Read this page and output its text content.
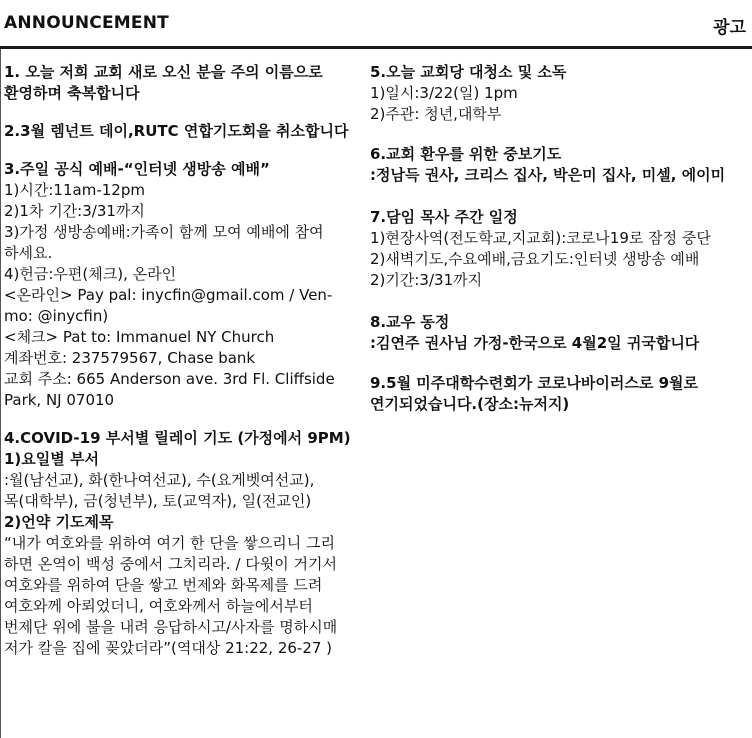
ANNOUNCEMENT	광고
1. 오늘 저희 교회 새로 오신 분을 주의 이름으로
환영하며 축복합니다
2.3월 렘넌트 데이,RUTC 연합기도회을 취소합니다
3.주일 공식 예배-“인터넷 생방송 예배”
1)시간:11am-12pm
2)1차 기간:3/31까지
3)가정 생방송예배:가족이 함께 모여 예배에 참여
하세요.
4)헌금:우편(체크), 온라인
<온라인> Pay pal: inycfin@gmail.com / Ven-
mo: @inycfin)
<체크> Pat to: Immanuel NY Church
계좌번호: 237579567, Chase bank
교회 주소: 665 Anderson ave. 3rd Fl. Cliffside
Park, NJ 07010
4.COVID-19 부서별 릴레이 기도 (가정에서 9PM)
1)요일별 부서
:월(남선교), 화(한나여선교), 수(요게벳여선교),
목(대학부), 금(청년부), 토(교역자), 일(전교인)
2)언약 기도제목
“내가 여호와를 위하여 여기 한 단을 쌓으리니 그리
하면 온역이 백성 중에서 그치리라. / 다윗이 거기서
여호와를 위하여 단을 쌓고 번제와 화목제를 드려
여호와께 아뢰었더니, 여호와께서 하늘에서부터
번제단 위에 불을 내려 응답하시고/사자를 명하시매
저가 칼을 집에 꽂았더라”(역대상 21:22, 26-27 )
5.오늘 교회당 대청소 및 소독
1)일시:3/22(일) 1pm
2)주관: 청년,대학부
6.교회 환우를 위한 중보기도
:정남득 권사, 크리스 집사, 박은미 집사, 미셀, 에이미
7.담임 목사 주간 일정
1)현장사역(전도학교,지교회):코로나19로 잠정 중단
2)새벽기도,수요예배,금요기도:인터넷 생방송 예배
2)기간:3/31까지
8.교우 동정
:김연주 권사님 가정-한국으로 4월2일 귀국합니다
9.5월 미주대학수련회가 코로나바이러스로 9월로
연기되었습니다.(장소:뉴저지)
